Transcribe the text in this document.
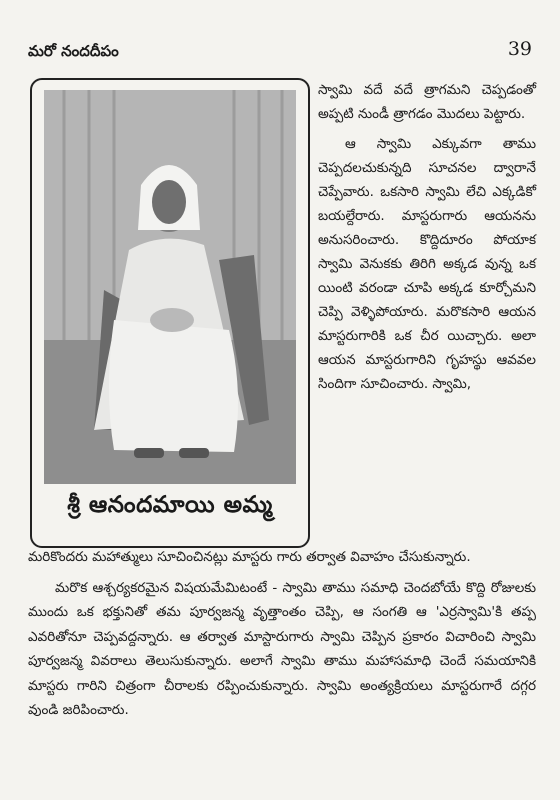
మరో నందదీపం	39
శ్రీ ఆనందమాయి అమ్మ

స్వామి వదే వదే త్రాగమని చెప్పడంతో అప్పటి నుండీ త్రాగడం మొదలు పెట్టారు.

ఆ స్వామి ఎక్కువగా తాము చెప్పదలచుకున్నది సూచనల ద్వారానే చెప్పేవారు. ఒకసారి స్వామి లేచి ఎక్కడికో బయల్దేరారు. మాస్టరుగారు ఆయనను అనుసరించారు. కొద్దిదూరం పోయాక స్వామి వెనుకకు తిరిగి అక్కడ వున్న ఒక యింటి వరండా చూపి అక్కడ కూర్చోమని చెప్పి వెళ్ళిపోయారు. మరొకసారి ఆయన మాస్టరుగారికి ఒక చీర యిచ్చారు. అలా ఆయన మాస్టరుగారిని గృహస్థు ఆవవల సిందిగా సూచించారు. స్వామి,

మరికొందరు మహాత్ములు సూచించినట్లు మాస్టరు గారు తర్వాత వివాహం చేసుకున్నారు.

మరొక ఆశ్చర్యకరమైన విషయమేమిటంటే - స్వామి తాము సమాధి చెందబోయే కొద్ది రోజులకు ముందు ఒక భక్తునితో తమ పూర్వజన్మ వృత్తాంతం చెప్పి, ఆ సంగతి ఆ 'ఎర్రస్వామి'కి తప్ప ఎవరితోనూ చెప్పవద్దన్నారు. ఆ తర్వాత మాస్టారుగారు స్వామి చెప్పిన ప్రకారం విచారించి స్వామి పూర్వజన్మ వివరాలు తెలుసుకున్నారు. అలాగే స్వామి తాము మహాసమాధి చెందే సమయానికి మాస్టరు గారిని చిత్రంగా చీరాలకు రప్పించుకున్నారు. స్వామి అంత్యక్రియలు మాస్టరుగారే దగ్గర వుండి జరిపించారు.
